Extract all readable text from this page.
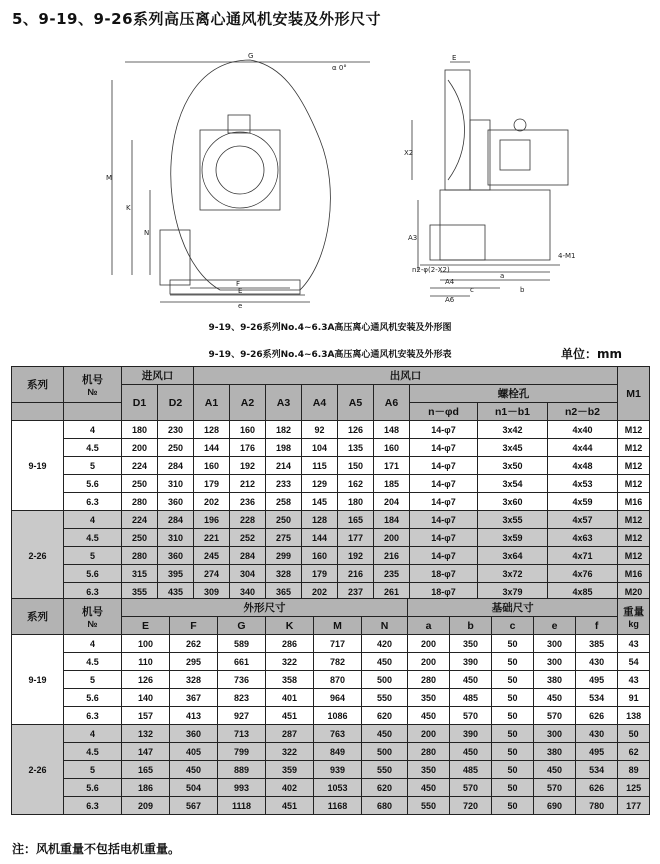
5、9-19、9-26系列高压离心通风机安装及外形尺寸
G
α 0°
M
K
N
E
e
F
E
X2
A3
n2-φ(2-X2)
4-M1
a
b
c
A6
A4
9-19、9-26系列No.4~6.3A高压离心通风机安装及外形图
9-19、9-26系列No.4~6.3A高压离心通风机安装及外形表	单位：mm
系列	机号
№	进风口		出风口									M1
		D1	D2	A1	A2	A3	A4	A5	A6	螺栓孔			
										n－φd	n1－b1	n2－b2	
9-19	4	180	230	128	160	182	92	126	148	14-φ7	3x42	4x40	M12
	4.5	200	250	144	176	198	104	135	160	14-φ7	3x45	4x44	M12
	5	224	284	160	192	214	115	150	171	14-φ7	3x50	4x48	M12
	5.6	250	310	179	212	233	129	162	185	14-φ7	3x54	4x53	M12
	6.3	280	360	202	236	258	145	180	204	14-φ7	3x60	4x59	M16
2-26	4	224	284	196	228	250	128	165	184	14-φ7	3x55	4x57	M12
	4.5	250	310	221	252	275	144	177	200	14-φ7	3x59	4x63	M12
	5	280	360	245	284	299	160	192	216	14-φ7	3x64	4x71	M12
	5.6	315	395	274	304	328	179	216	235	18-φ7	3x72	4x76	M16
	6.3	355	435	309	340	365	202	237	261	18-φ7	3x79	4x85	M20
系列	机号
№	外形尺寸						基础尺寸					重量
kg

		E	F	G	K	M	N	a	b	c	e	f	
9-19	4	100	262	589	286	717	420	200	350	50	300	385	43
	4.5	110	295	661	322	782	450	200	390	50	300	430	54
	5	126	328	736	358	870	500	280	450	50	380	495	43
	5.6	140	367	823	401	964	550	350	485	50	450	534	91
	6.3	157	413	927	451	1086	620	450	570	50	570	626	138
2-26	4	132	360	713	287	763	450	200	390	50	300	430	50
	4.5	147	405	799	322	849	500	280	450	50	380	495	62
	5	165	450	889	359	939	550	350	485	50	450	534	89
	5.6	186	504	993	402	1053	620	450	570	50	570	626	125
	6.3	209	567	1118	451	1168	680	550	720	50	690	780	177
注：风机重量不包括电机重量。
